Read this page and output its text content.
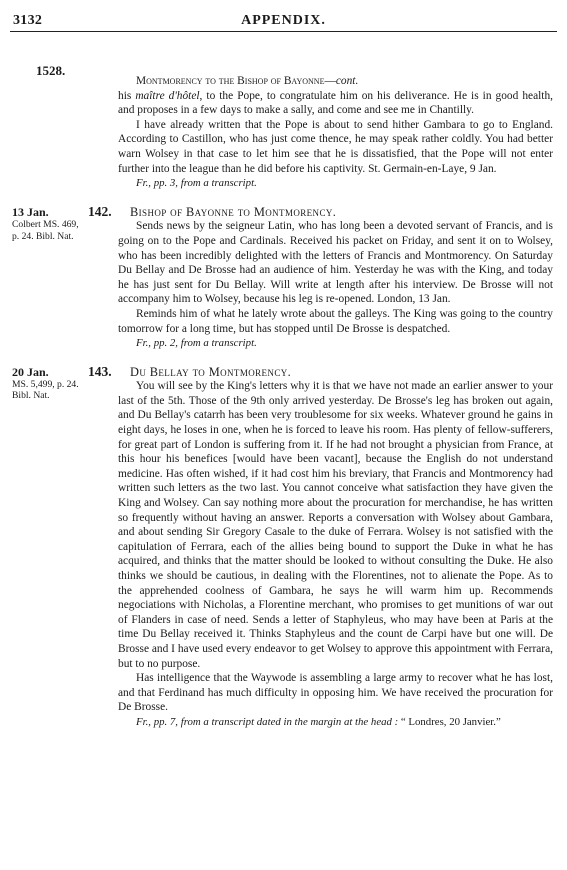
3132	APPENDIX.
1528.

Montmorency to the Bishop of Bayonne—cont.

his maître d'hôtel, to the Pope, to congratulate him on his deliverance. He is in good health, and proposes in a few days to make a sally, and come and see me in Chantilly.

I have already written that the Pope is about to send hither Gambara to go to England. According to Castillon, who has just come thence, he may speak rather coldly. You had better warn Wolsey in that case to let him see that he is dissatisfied, that the Pope will not enter further into the league than he did before his captivity. St. Germain-en-Laye, 9 Jan.

Fr., pp. 3, from a transcript.

13 Jan.
Colbert MS. 469, p. 24. Bibl. Nat.
142.	Bishop of Bayonne to Montmorency.

Sends news by the seigneur Latin, who has long been a devoted servant of Francis, and is going on to the Pope and Cardinals. Received his packet on Friday, and sent it on to Wolsey, who has been incredibly delighted with the letters of Francis and Montmorency. On Saturday Du Bellay and De Brosse had an audience of him. Yesterday he was with the King, and today he has just sent for Du Bellay. Will write at length after his interview. De Brosse will not accompany him to Wolsey, because his leg is re-opened. London, 13 Jan.

Reminds him of what he lately wrote about the galleys. The King was going to the country tomorrow for a long time, but has stopped until De Brosse is despatched.

Fr., pp. 2, from a transcript.

20 Jan.
MS. 5,499, p. 24. Bibl. Nat.
143.	Du Bellay to Montmorency.

You will see by the King's letters why it is that we have not made an earlier answer to your last of the 5th. Those of the 9th only arrived yesterday. De Brosse's leg has broken out again, and Du Bellay's catarrh has been very troublesome for six weeks. Whatever ground he gains in eight days, he loses in one, when he is forced to leave his room. Has plenty of fellow-sufferers, for great part of London is suffering from it. If he had not brought a physician from France, at this hour his benefices [would have been vacant], because the English do not understand medicine. Has often wished, if it had cost him his breviary, that Francis and Montmorency had written such letters as the two last. You cannot conceive what satisfaction they have given the King and Wolsey. Can say nothing more about the procuration for merchandise, he has written so frequently without having an answer. Reports a conversation with Wolsey about Gambara, and about sending Sir Gregory Casale to the duke of Ferrara. Wolsey is not satisfied with the capitulation of Ferrara, each of the allies being bound to support the Duke in what he has acquired, and thinks that the matter should be looked to without consulting the Duke. He also thinks we should be cautious, in dealing with the Florentines, not to alienate the Pope. As to the apprehended coolness of Gambara, he says he will warm him up. Recommends negociations with Nicholas, a Florentine merchant, who promises to get munitions of war out of Flanders in case of need. Sends a letter of Staphyleus, who may have been at Paris at the time Du Bellay received it. Thinks Staphyleus and the count de Carpi have but one will. De Brosse and I have used every endeavor to get Wolsey to approve this appointment with Ferrara, but to no purpose.

Has intelligence that the Waywode is assembling a large army to recover what he has lost, and that Ferdinand has much difficulty in opposing him. We have received the procuration for De Brosse.

Fr., pp. 7, from a transcript dated in the margin at the head : “ Londres, 20 Janvier.”
